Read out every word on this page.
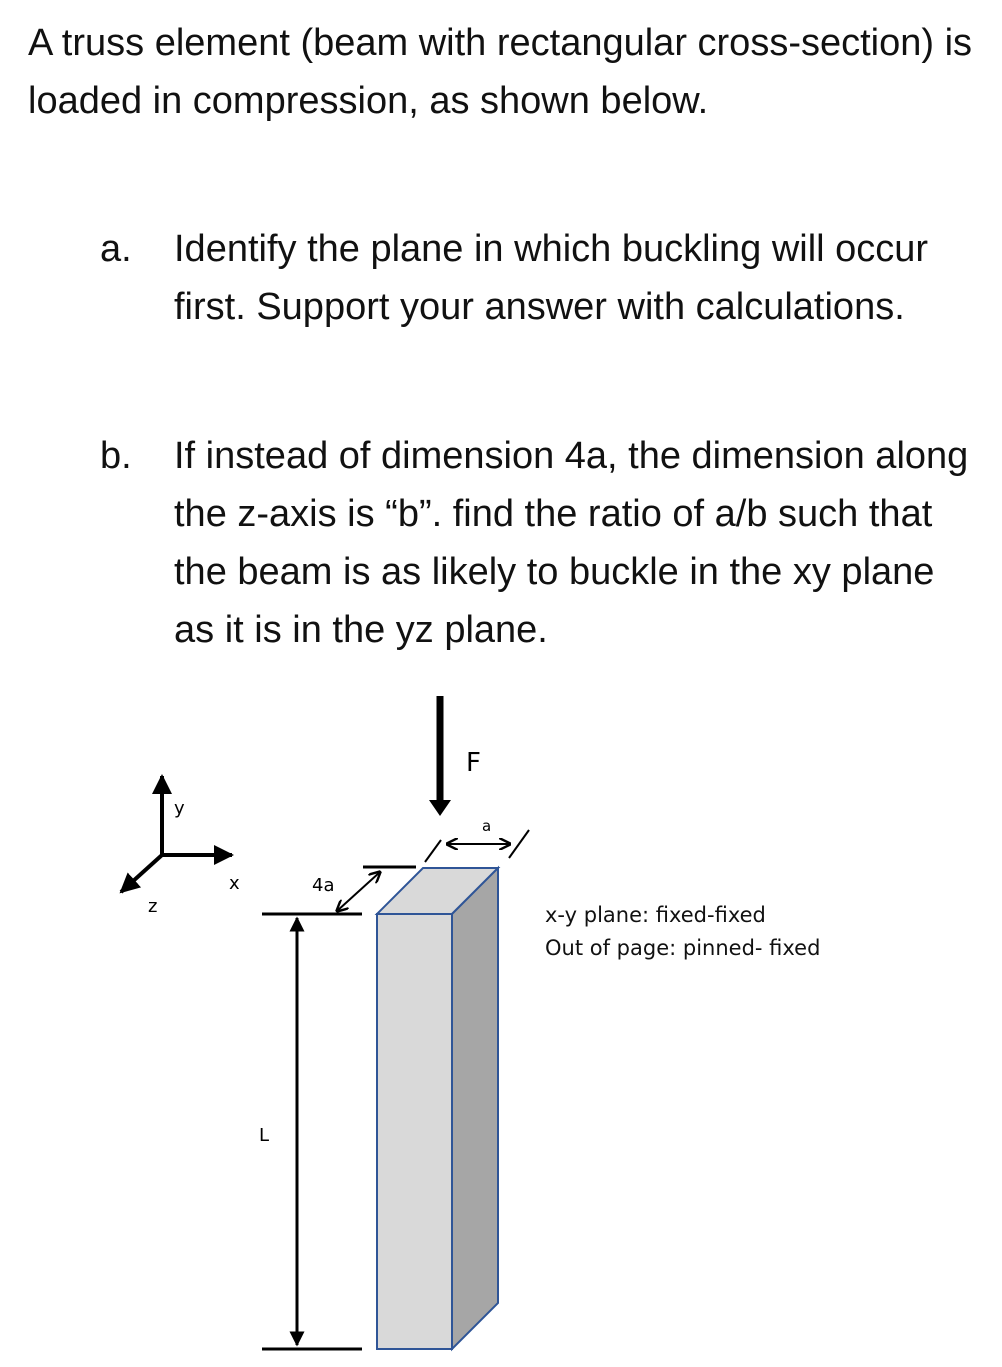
A truss element (beam with rectangular cross-section) is loaded in compression, as shown below.

a. Identify the plane in which buckling will occur first. Support your answer with calculations.
b. If instead of dimension 4a, the dimension along the z-axis is “b”. find the ratio of a/b such that the beam is as likely to buckle in the xy plane as it is in the yz plane.
y
x
z
F
a
4a
L
x-y plane: fixed-fixed
Out of page: pinned- fixed
